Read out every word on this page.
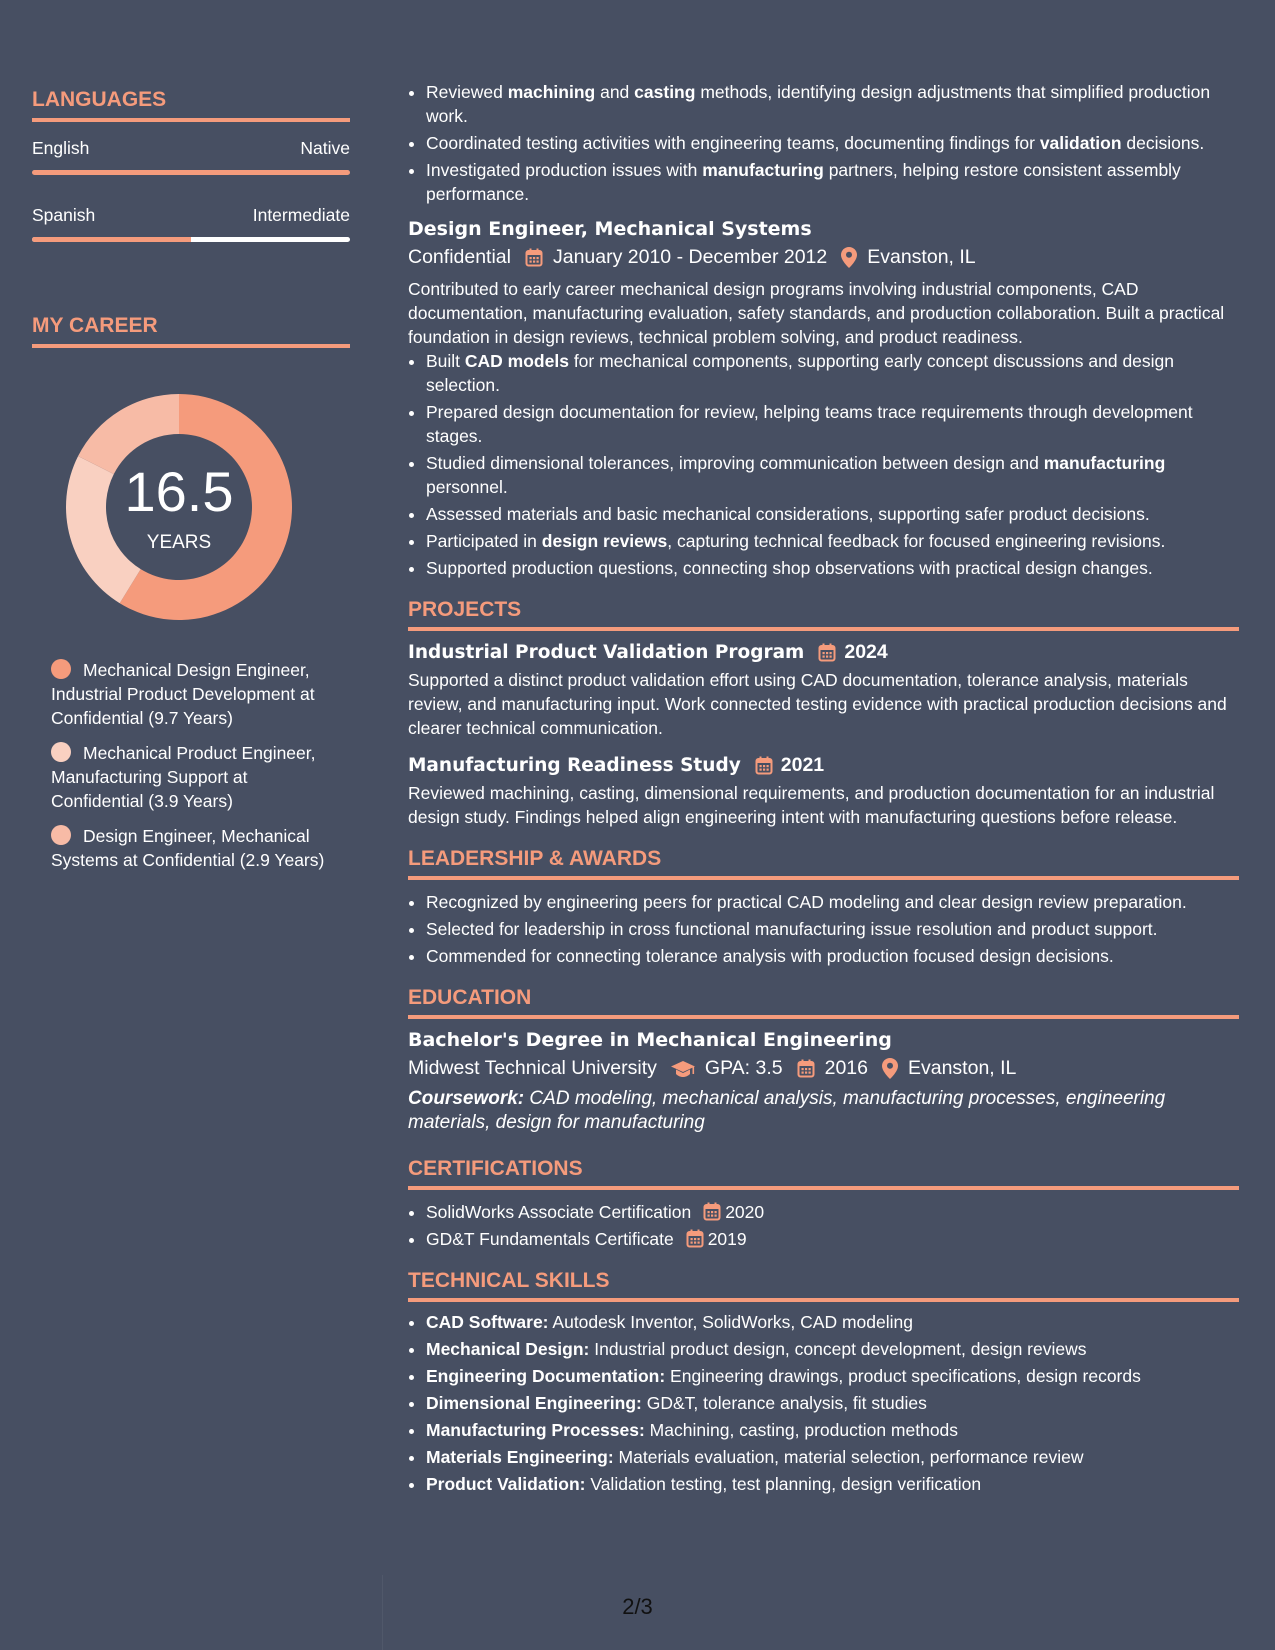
LANGUAGES
English	Native
Spanish	Intermediate
MY CAREER
16.5
YEARS
Mechanical Design Engineer, Industrial Product Development at Confidential (9.7 Years)
Mechanical Product Engineer, Manufacturing Support at Confidential (3.9 Years)
Design Engineer, Mechanical Systems at Confidential (2.9 Years)
• Reviewed machining and casting methods, identifying design adjustments that simplified production work.
• Coordinated testing activities with engineering teams, documenting findings for validation decisions.
• Investigated production issues with manufacturing partners, helping restore consistent assembly performance.
Design Engineer, Mechanical Systems
Confidential January 2010 - December 2012 Evanston, IL
Contributed to early career mechanical design programs involving industrial components, CAD documentation, manufacturing evaluation, safety standards, and production collaboration. Built a practical foundation in design reviews, technical problem solving, and product readiness.
• Built CAD models for mechanical components, supporting early concept discussions and design selection.
• Prepared design documentation for review, helping teams trace requirements through development stages.
• Studied dimensional tolerances, improving communication between design and manufacturing personnel.
• Assessed materials and basic mechanical considerations, supporting safer product decisions.
• Participated in design reviews, capturing technical feedback for focused engineering revisions.
• Supported production questions, connecting shop observations with practical design changes.
PROJECTS
Industrial Product Validation Program 2024
Supported a distinct product validation effort using CAD documentation, tolerance analysis, materials review, and manufacturing input. Work connected testing evidence with practical production decisions and clearer technical communication.
Manufacturing Readiness Study 2021
Reviewed machining, casting, dimensional requirements, and production documentation for an industrial design study. Findings helped align engineering intent with manufacturing questions before release.
LEADERSHIP & AWARDS
• Recognized by engineering peers for practical CAD modeling and clear design review preparation.
• Selected for leadership in cross functional manufacturing issue resolution and product support.
• Commended for connecting tolerance analysis with production focused design decisions.
EDUCATION
Bachelor's Degree in Mechanical Engineering
Midwest Technical University GPA: 3.5 2016 Evanston, IL
Coursework: CAD modeling, mechanical analysis, manufacturing processes, engineering materials, design for manufacturing
CERTIFICATIONS
• SolidWorks Associate Certification 2020
• GD&T Fundamentals Certificate 2019
TECHNICAL SKILLS
• CAD Software: Autodesk Inventor, SolidWorks, CAD modeling
• Mechanical Design: Industrial product design, concept development, design reviews
• Engineering Documentation: Engineering drawings, product specifications, design records
• Dimensional Engineering: GD&T, tolerance analysis, fit studies
• Manufacturing Processes: Machining, casting, production methods
• Materials Engineering: Materials evaluation, material selection, performance review
• Product Validation: Validation testing, test planning, design verification
2/3
